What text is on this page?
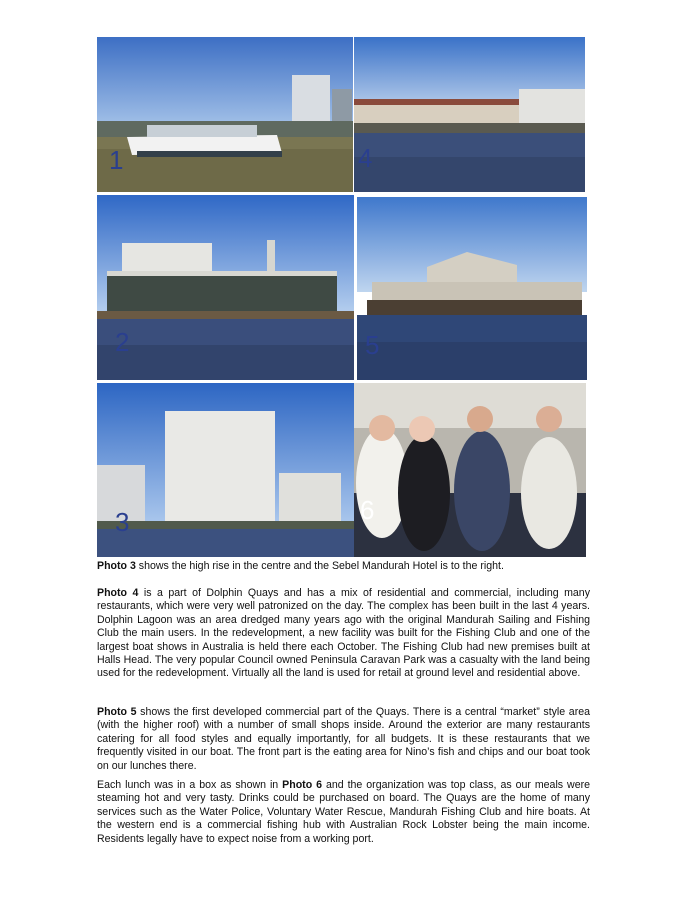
1	4
2	5
3	6

Photo 3 shows the high rise in the centre and the Sebel Mandurah Hotel is to the right.

Photo 4 is a part of Dolphin Quays and has a mix of residential and commercial, including many restaurants, which were very well patronized on the day. The complex has been built in the last 4 years. Dolphin Lagoon was an area dredged many years ago with the original Mandurah Sailing and Fishing Club the main users. In the redevelopment, a new facility was built for the Fishing Club and one of the largest boat shows in Australia is held there each October. The Fishing Club had new premises built at Halls Head. The very popular Council owned Peninsula Caravan Park was a casualty with the land being used for the redevelopment. Virtually all the land is used for retail at ground level and residential above.

Photo 5 shows the first developed commercial part of the Quays. There is a central “market” style area (with the higher roof) with a number of small shops inside. Around the exterior are many restaurants catering for all food styles and equally importantly, for all budgets. It is these restaurants that we frequently visited in our boat. The front part is the eating area for Nino’s fish and chips and our boat took on our lunches there.

Each lunch was in a box as shown in Photo 6 and the organization was top class, as our meals were steaming hot and very tasty. Drinks could be purchased on board. The Quays are the home of many services such as the Water Police, Voluntary Water Rescue, Mandurah Fishing Club and hire boats. At the western end is a commercial fishing hub with Australian Rock Lobster being the main income. Residents legally have to expect noise from a working port.
